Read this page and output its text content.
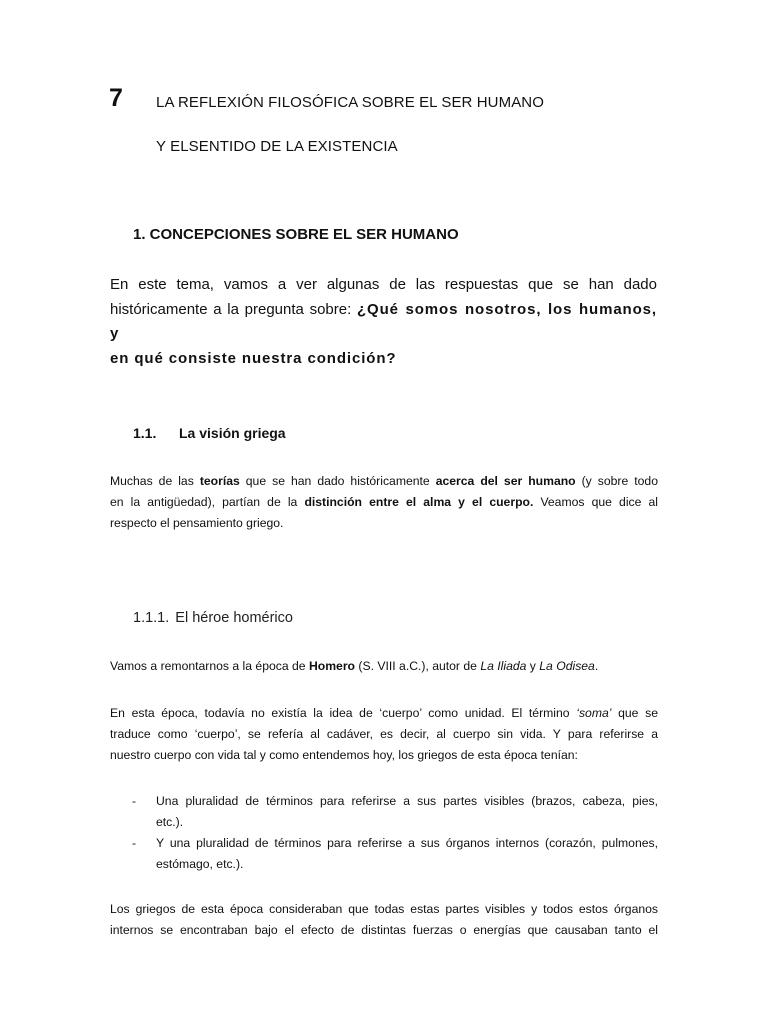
7 LA REFLEXIÓN FILOSÓFICA SOBRE EL SER HUMANO
Y ELSENTIDO DE LA EXISTENCIA
1. CONCEPCIONES SOBRE EL SER HUMANO
En este tema, vamos a ver algunas de las respuestas que se han dado
históricamente a la pregunta sobre: ¿Qué somos nosotros, los humanos, y
en qué consiste nuestra condición?
1.1. La visión griega
Muchas de las teorías que se han dado históricamente acerca del ser humano (y sobre todo
en la antigüedad), partían de la distinción entre el alma y el cuerpo. Veamos que dice al
respecto el pensamiento griego.
1.1.1. El héroe homérico
Vamos a remontarnos a la época de Homero (S. VIII a.C.), autor de La Iliada y La Odisea.
En esta época, todavía no existía la idea de ‘cuerpo’ como unidad. El término ‘soma’ que se
traduce como ‘cuerpo’, se refería al cadáver, es decir, al cuerpo sin vida. Y para referirse a
nuestro cuerpo con vida tal y como entendemos hoy, los griegos de esta época tenían:
- Una pluralidad de términos para referirse a sus partes visibles (brazos, cabeza, pies,
etc.).
- Y una pluralidad de términos para referirse a sus órganos internos (corazón, pulmones,
estómago, etc.).
Los griegos de esta época consideraban que todas estas partes visibles y todos estos órganos
internos se encontraban bajo el efecto de distintas fuerzas o energías que causaban tanto el
